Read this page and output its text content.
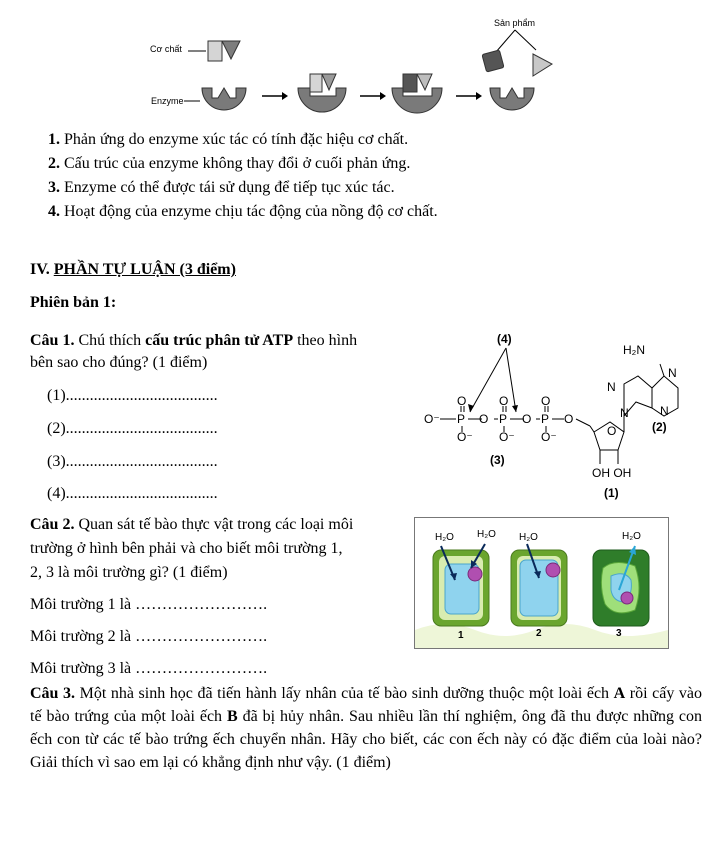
Cơ chất
Enzyme
Sản phẩm
1. Phản ứng do enzyme xúc tác có tính đặc hiệu cơ chất.
2. Cấu trúc của enzyme không thay đổi ở cuối phản ứng.
3. Enzyme có thể được tái sử dụng để tiếp tục xúc tác.
4. Hoạt động của enzyme chịu tác động của nồng độ cơ chất.
IV. PHẦN TỰ LUẬN (3 điểm)
Phiên bản 1:
Câu 1. Chú thích cấu trúc phân tử ATP theo hình
bên sao cho đúng? (1 điểm)
(1)......................................
(2)......................................
(3)......................................
(4)......................................
(4)
O⁻ P
O
O⁻
O P
O
O⁻
O P
O
O⁻
O
O
(3)
N
N
N
N
H₂N
(2)
OH OH
(1)
Câu 2. Quan sát tế bào thực vật trong các loại môi
trường ở hình bên phải và cho biết môi trường 1,
2, 3 là môi trường gì? (1 điểm)
Môi trường 1 là …………………….
Môi trường 2 là …………………….
Môi trường 3 là …………………….
H₂O H₂O H₂O	H₂O
1	2	3
Câu 3. Một nhà sinh học đã tiến hành lấy nhân của tế bào sinh dưỡng thuộc một loài ếch A rồi cấy vào tế bào trứng của một loài ếch B đã bị hủy nhân. Sau nhiều lần thí nghiệm, ông đã thu được những con ếch con từ các tế bào trứng ếch chuyển nhân. Hãy cho biết, các con ếch này có đặc điểm của loài nào? Giải thích vì sao em lại có khẳng định như vậy. (1 điểm)
